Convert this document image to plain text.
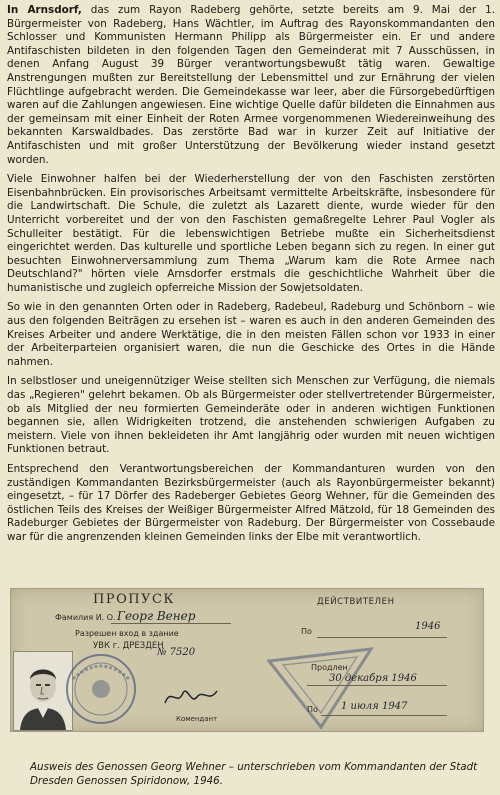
In Arnsdorf, das zum Rayon Radeberg gehörte, setzte bereits am 9. Mai der 1. Bürgermeister von Radeberg, Hans Wächtler, im Auftrag des Rayonskommandanten den Schlosser und Kommunisten Hermann Philipp als Bürgermeister ein. Er und andere Antifaschisten bildeten in den folgenden Tagen den Gemeinderat mit 7 Ausschüssen, in denen Anfang August 39 Bürger verantwortungsbewußt tätig waren. Gewaltige Anstrengungen mußten zur Bereitstellung der Lebensmittel und zur Ernährung der vielen Flüchtlinge aufgebracht werden. Die Gemeindekasse war leer, aber die Fürsorgebedürftigen waren auf die Zahlungen angewiesen. Eine wichtige Quelle dafür bildeten die Einnahmen aus der gemeinsam mit einer Einheit der Roten Armee vorgenommenen Wiedereinweihung des bekannten Karswaldbades. Das zerstörte Bad war in kurzer Zeit auf Initiative der Antifaschisten und mit großer Unterstützung der Bevölkerung wieder instand gesetzt worden.

Viele Einwohner halfen bei der Wiederherstellung der von den Faschisten zerstörten Eisenbahnbrücken. Ein provisorisches Arbeitsamt vermittelte Arbeitskräfte, insbesondere für die Landwirtschaft. Die Schule, die zuletzt als Lazarett diente, wurde wieder für den Unterricht vorbereitet und der von den Faschisten gemaßregelte Lehrer Paul Vogler als Schulleiter bestätigt. Für die lebenswichtigen Betriebe mußte ein Sicherheitsdienst eingerichtet werden. Das kulturelle und sportliche Leben begann sich zu regen. In einer gut besuchten Einwohnerversammlung zum Thema „Warum kam die Rote Armee nach Deutschland?" hörten viele Arnsdorfer erstmals die geschichtliche Wahrheit über die humanistische und zugleich opferreiche Mission der Sowjetsoldaten.

So wie in den genannten Orten oder in Radeberg, Radebeul, Radeburg und Schönborn – wie aus den folgenden Beiträgen zu ersehen ist – waren es auch in den anderen Gemeinden des Kreises Arbeiter und andere Werktätige, die in den meisten Fällen schon vor 1933 in einer der Arbeiterparteien organisiert waren, die nun die Geschicke des Ortes in die Hände nahmen.

In selbstloser und uneigennütziger Weise stellten sich Menschen zur Verfügung, die niemals das „Regieren" gelehrt bekamen. Ob als Bürgermeister oder stellvertretender Bürgermeister, ob als Mitglied der neu formierten Gemeinderäte oder in anderen wichtigen Funktionen begannen sie, allen Widrigkeiten trotzend, die anstehenden schwierigen Aufgaben zu meistern. Viele von ihnen bekleideten ihr Amt langjährig oder wurden mit neuen wichtigen Funktionen betraut.

Entsprechend den Verantwortungsbereichen der Kommandanturen wurden von den zuständigen Kommandanten Bezirksbürgermeister (auch als Rayonbürgermeister bekannt) eingesetzt, – für 17 Dörfer des Radeberger Gebietes Georg Wehner, für die Gemeinden des östlichen Teils des Kreises der Weißiger Bürgermeister Alfred Mätzold, für 18 Gemeinden des Radeburger Gebietes der Bürgermeister von Radeburg. Der Bürgermeister von Cossebaude war für die angrenzenden kleinen Gemeinden links der Elbe mit verantwortlich.

ПРОПУСК	ДЕЙСТВИТЕЛЕН
Фамилия И. О. Георг Венер
Разрешен вход в здание
УВК г. ДРЕЗДЕН
№ 7520
Комендант
По	1946
Продлен
30 декабря 1946
По 1 июля 1947
Ausweis des Genossen Georg Wehner – unterschrieben vom Kommandanten der Stadt Dresden Genossen Spiridonow, 1946.
